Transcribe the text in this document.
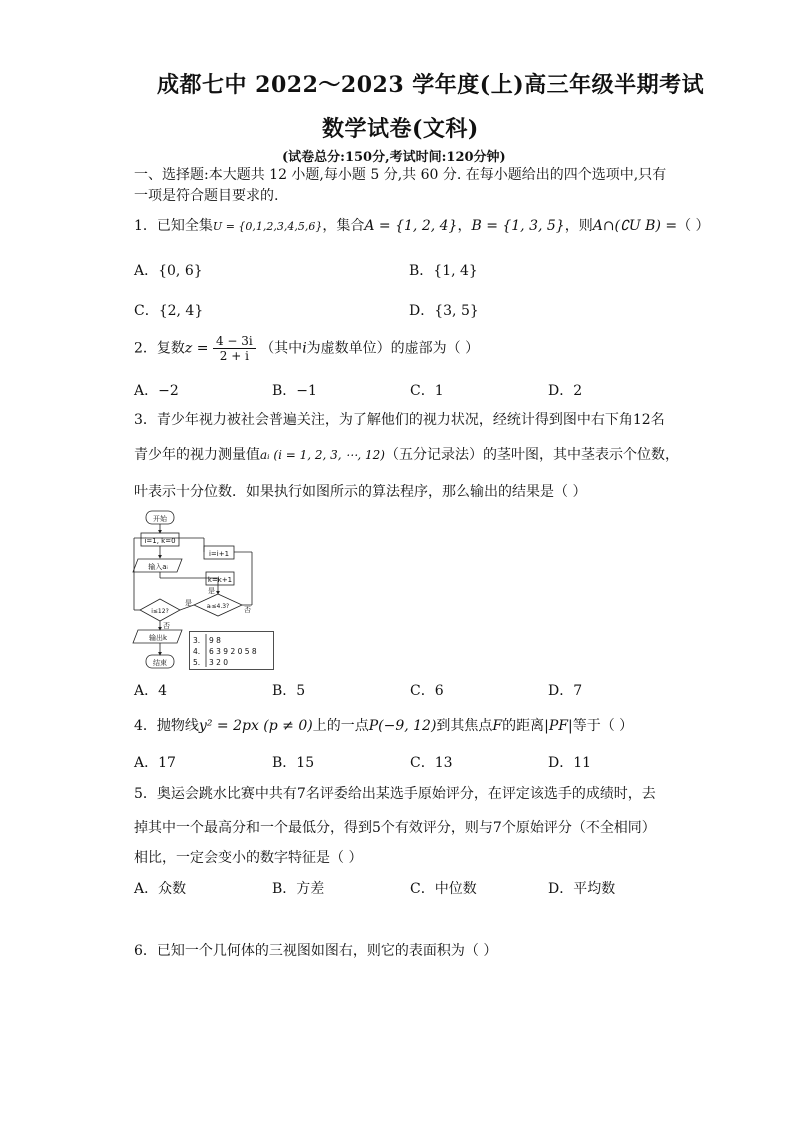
成都七中 2022～2023 学年度(上)高三年级半期考试
数学试卷(文科)
(试卷总分:150分,考试时间:120分钟)
一、选择题:本大题共 12 小题,每小题 5 分,共 60 分. 在每小题给出的四个选项中,只有
一项是符合题目要求的.
1．已知全集U = {0,1,2,3,4,5,6}，集合A = {1, 2, 4}，B = {1, 3, 5}，则A∩(∁U B) =（ ）
A．{0, 6}	B．{1, 4}
C．{2, 4}	D．{3, 5}
2．复数$z = \frac{4 - 3i}{2 + i}$ （其中i为虚数单位）的虚部为（ ）
A．−2	B．−1	C．1	D．2
3．青少年视力被社会普遍关注，为了解他们的视力状况，经统计得到图中右下角12名
青少年的视力测量值aᵢ (i = 1, 2, 3, ⋯, 12)（五分记录法）的茎叶图，其中茎表示个位数，
叶表示十分位数．如果执行如图所示的算法程序，那么输出的结果是（ ）
开始
i=1, k=0
输入aᵢ
i=i+1
k=k+1
aᵢ≤4.3?
i≤12?
是
是
否
否
输出k
结束
3. 9 8
4. 6 3 9 2 0 5 8
5. 3 2 0
A．4	B．5	C．6	D．7
4．抛物线y² = 2px (p ≠ 0)上的一点P(−9, 12)到其焦点F的距离|PF|等于（ ）
A．17	B．15	C．13	D．11
5．奥运会跳水比赛中共有7名评委给出某选手原始评分，在评定该选手的成绩时，去
掉其中一个最高分和一个最低分，得到5个有效评分，则与7个原始评分（不全相同）
相比，一定会变小的数字特征是（ ）
A．众数	B．方差	C．中位数	D．平均数
6．已知一个几何体的三视图如图右，则它的表面积为（ ）
